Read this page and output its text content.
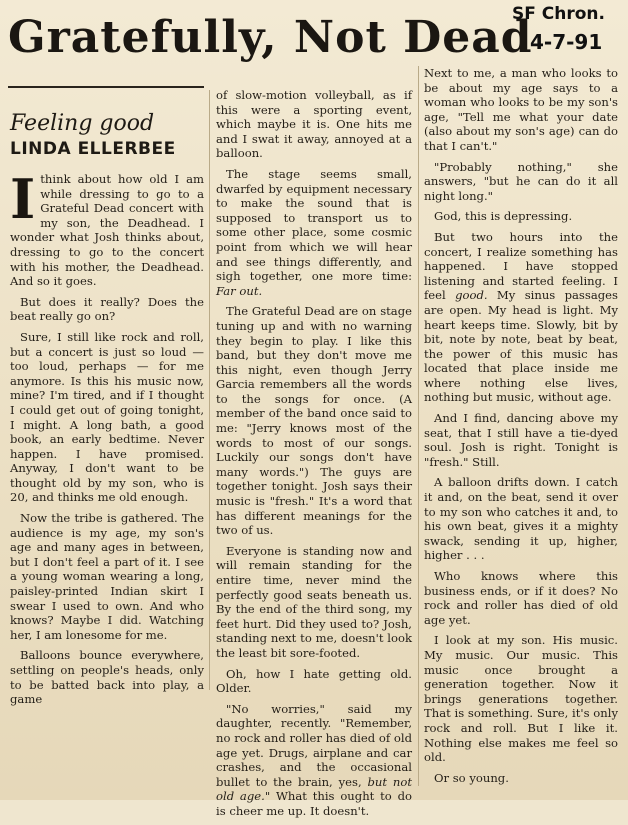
Gratefully, Not Dead
SF Chron.
4-7-91
Feeling good
LINDA ELLERBEE

Ithink about how old I am while dressing to go to a Grateful Dead concert with my son, the Deadhead. I wonder what Josh thinks about, dressing to go to the concert with his mother, the Deadhead. And so it goes.

But does it really? Does the beat really go on?

Sure, I still like rock and roll, but a concert is just so loud — too loud, perhaps — for me anymore. Is this his music now, mine? I'm tired, and if I thought I could get out of going tonight, I might. A long bath, a good book, an early bedtime. Never happen. I have promised. Anyway, I don't want to be thought old by my son, who is 20, and thinks me old enough.

Now the tribe is gathered. The audience is my age, my son's age and many ages in between, but I don't feel a part of it. I see a young woman wearing a long, paisley-printed Indian skirt I swear I used to own. And who knows? Maybe I did. Watching her, I am lonesome for me.

Balloons bounce everywhere, settling on people's heads, only to be batted back into play, a game

of slow-motion volleyball, as if this were a sporting event, which maybe it is. One hits me and I swat it away, annoyed at a balloon.

The stage seems small, dwarfed by equipment necessary to make the sound that is supposed to transport us to some other place, some cosmic point from which we will hear and see things differently, and sigh together, one more time: Far out.

The Grateful Dead are on stage tuning up and with no warning they begin to play. I like this band, but they don't move me this night, even though Jerry Garcia remembers all the words to the songs for once. (A member of the band once said to me: "Jerry knows most of the words to most of our songs. Luckily our songs don't have many words.") The guys are together tonight. Josh says their music is "fresh." It's a word that has different meanings for the two of us.

Everyone is standing now and will remain standing for the entire time, never mind the perfectly good seats beneath us. By the end of the third song, my feet hurt. Did they used to? Josh, standing next to me, doesn't look the least bit sore-footed.

Oh, how I hate getting old. Older.

"No worries," said my daughter, recently. "Remember, no rock and roller has died of old age yet. Drugs, airplane and car crashes, and the occasional bullet to the brain, yes, but not old age." What this ought to do is cheer me up. It doesn't.

Next to me, a man who looks to be about my age says to a woman who looks to be my son's age, "Tell me what your date (also about my son's age) can do that I can't."

"Probably nothing," she answers, "but he can do it all night long."

God, this is depressing.

But two hours into the concert, I realize something has happened. I have stopped listening and started feeling. I feel good. My sinus passages are open. My head is light. My heart keeps time. Slowly, bit by bit, note by note, beat by beat, the power of this music has located that place inside me where nothing else lives, nothing but music, without age.

And I find, dancing above my seat, that I still have a tie-dyed soul. Josh is right. Tonight is "fresh." Still.

A balloon drifts down. I catch it and, on the beat, send it over to my son who catches it and, to his own beat, gives it a mighty swack, sending it up, higher, higher . . .

Who knows where this business ends, or if it does? No rock and roller has died of old age yet.

I look at my son. His music. My music. Our music. This music once brought a generation together. Now it brings generations together. That is something. Sure, it's only rock and roll. But I like it. Nothing else makes me feel so old.

Or so young.
